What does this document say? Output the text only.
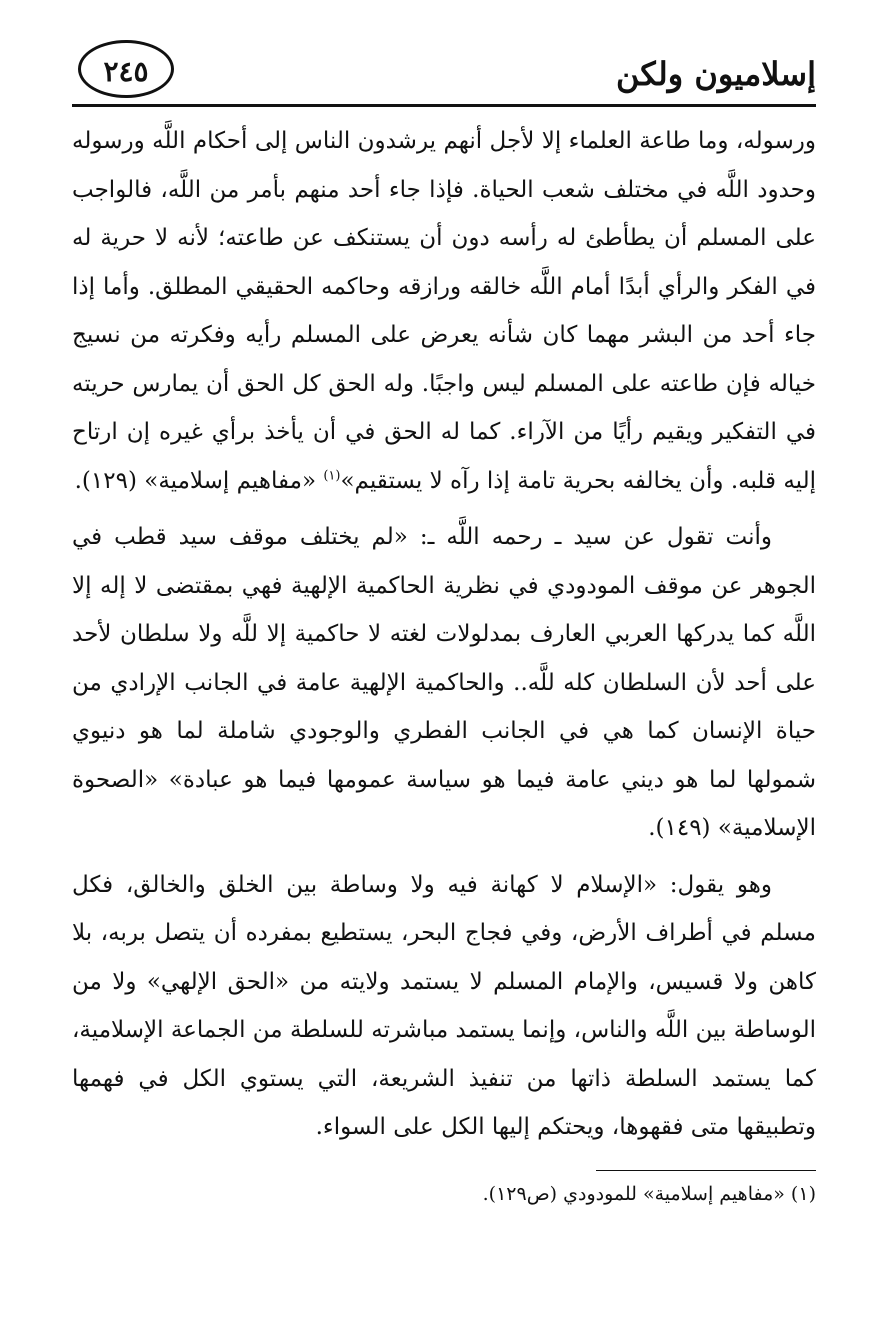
إسلاميون ولكن
٢٤٥

ورسوله، وما طاعة العلماء إلا لأجل أنهم يرشدون الناس إلى أحكام اللَّه ورسوله وحدود اللَّه في مختلف شعب الحياة. فإذا جاء أحد منهم بأمر من اللَّه، فالواجب على المسلم أن يطأطئ له رأسه دون أن يستنكف عن طاعته؛ لأنه لا حرية له في الفكر والرأي أبدًا أمام اللَّه خالقه ورازقه وحاكمه الحقيقي المطلق. وأما إذا جاء أحد من البشر مهما كان شأنه يعرض على المسلم رأيه وفكرته من نسيج خياله فإن طاعته على المسلم ليس واجبًا. وله الحق كل الحق أن يمارس حريته في التفكير ويقيم رأيًا من الآراء. كما له الحق في أن يأخذ برأي غيره إن ارتاح إليه قلبه. وأن يخالفه بحرية تامة إذا رآه لا يستقيم»$^{(١)}$ «مفاهيم إسلامية» (١٢٩).

وأنت تقول عن سيد ـ رحمه اللَّه ـ: «لم يختلف موقف سيد قطب في الجوهر عن موقف المودودي في نظرية الحاكمية الإلهية فهي بمقتضى لا إله إلا اللَّه كما يدركها العربي العارف بمدلولات لغته لا حاكمية إلا للَّه ولا سلطان لأحد على أحد لأن السلطان كله للَّه.. والحاكمية الإلهية عامة في الجانب الإرادي من حياة الإنسان كما هي في الجانب الفطري والوجودي شاملة لما هو دنيوي شمولها لما هو ديني عامة فيما هو سياسة عمومها فيما هو عبادة» «الصحوة الإسلامية» (١٤٩).

وهو يقول: «الإسلام لا كهانة فيه ولا وساطة بين الخلق والخالق، فكل مسلم في أطراف الأرض، وفي فجاج البحر، يستطيع بمفرده أن يتصل بربه، بلا كاهن ولا قسيس، والإمام المسلم لا يستمد ولايته من «الحق الإلهي» ولا من الوساطة بين اللَّه والناس، وإنما يستمد مباشرته للسلطة من الجماعة الإسلامية، كما يستمد السلطة ذاتها من تنفيذ الشريعة، التي يستوي الكل في فهمها وتطبيقها متى فقهوها، ويحتكم إليها الكل على السواء.

(١) «مفاهيم إسلامية» للمودودي (ص١٢٩).
